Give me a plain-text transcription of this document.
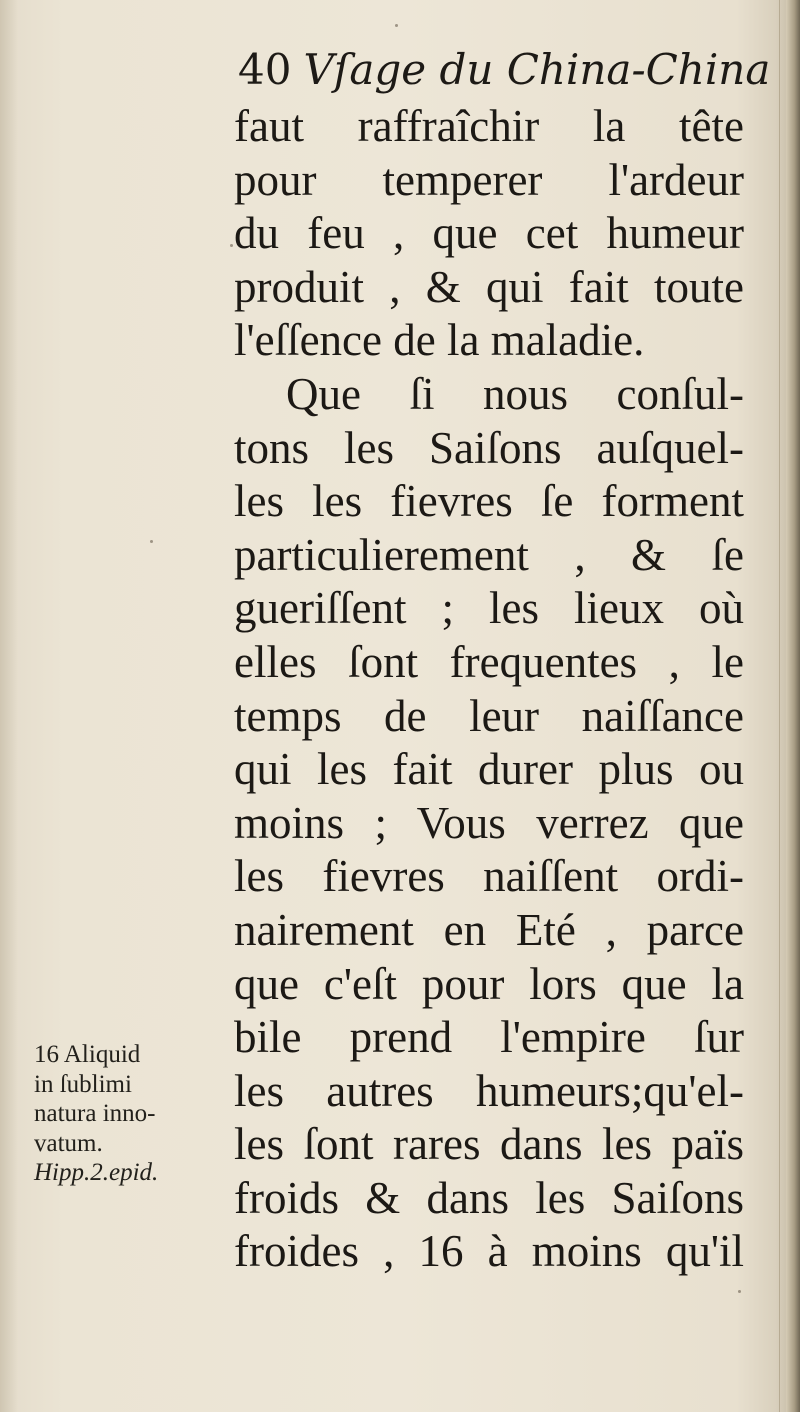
40 Vſage du China-China
faut raffraîchir la tête
pour temperer l'ardeur
du feu , que cet humeur
produit , & qui fait toute
l'eſſence de la maladie.
Que ſi nous conſul-
tons les Saiſons auſquel-
les les fievres ſe forment
particulierement , & ſe
gueriſſent ; les lieux où
elles ſont frequentes , le
temps de leur naiſſance
qui les fait durer plus ou
moins ; Vous verrez que
les fievres naiſſent ordi-
nairement en Eté , parce
que c'eſt pour lors que la
bile prend l'empire ſur
les autres humeurs;qu'el-
les ſont rares dans les païs
froids & dans les Saiſons
froides , 16 à moins qu'il
16 Aliquid
in ſublimi
natura inno-
vatum.
Hipp.2.epid.
